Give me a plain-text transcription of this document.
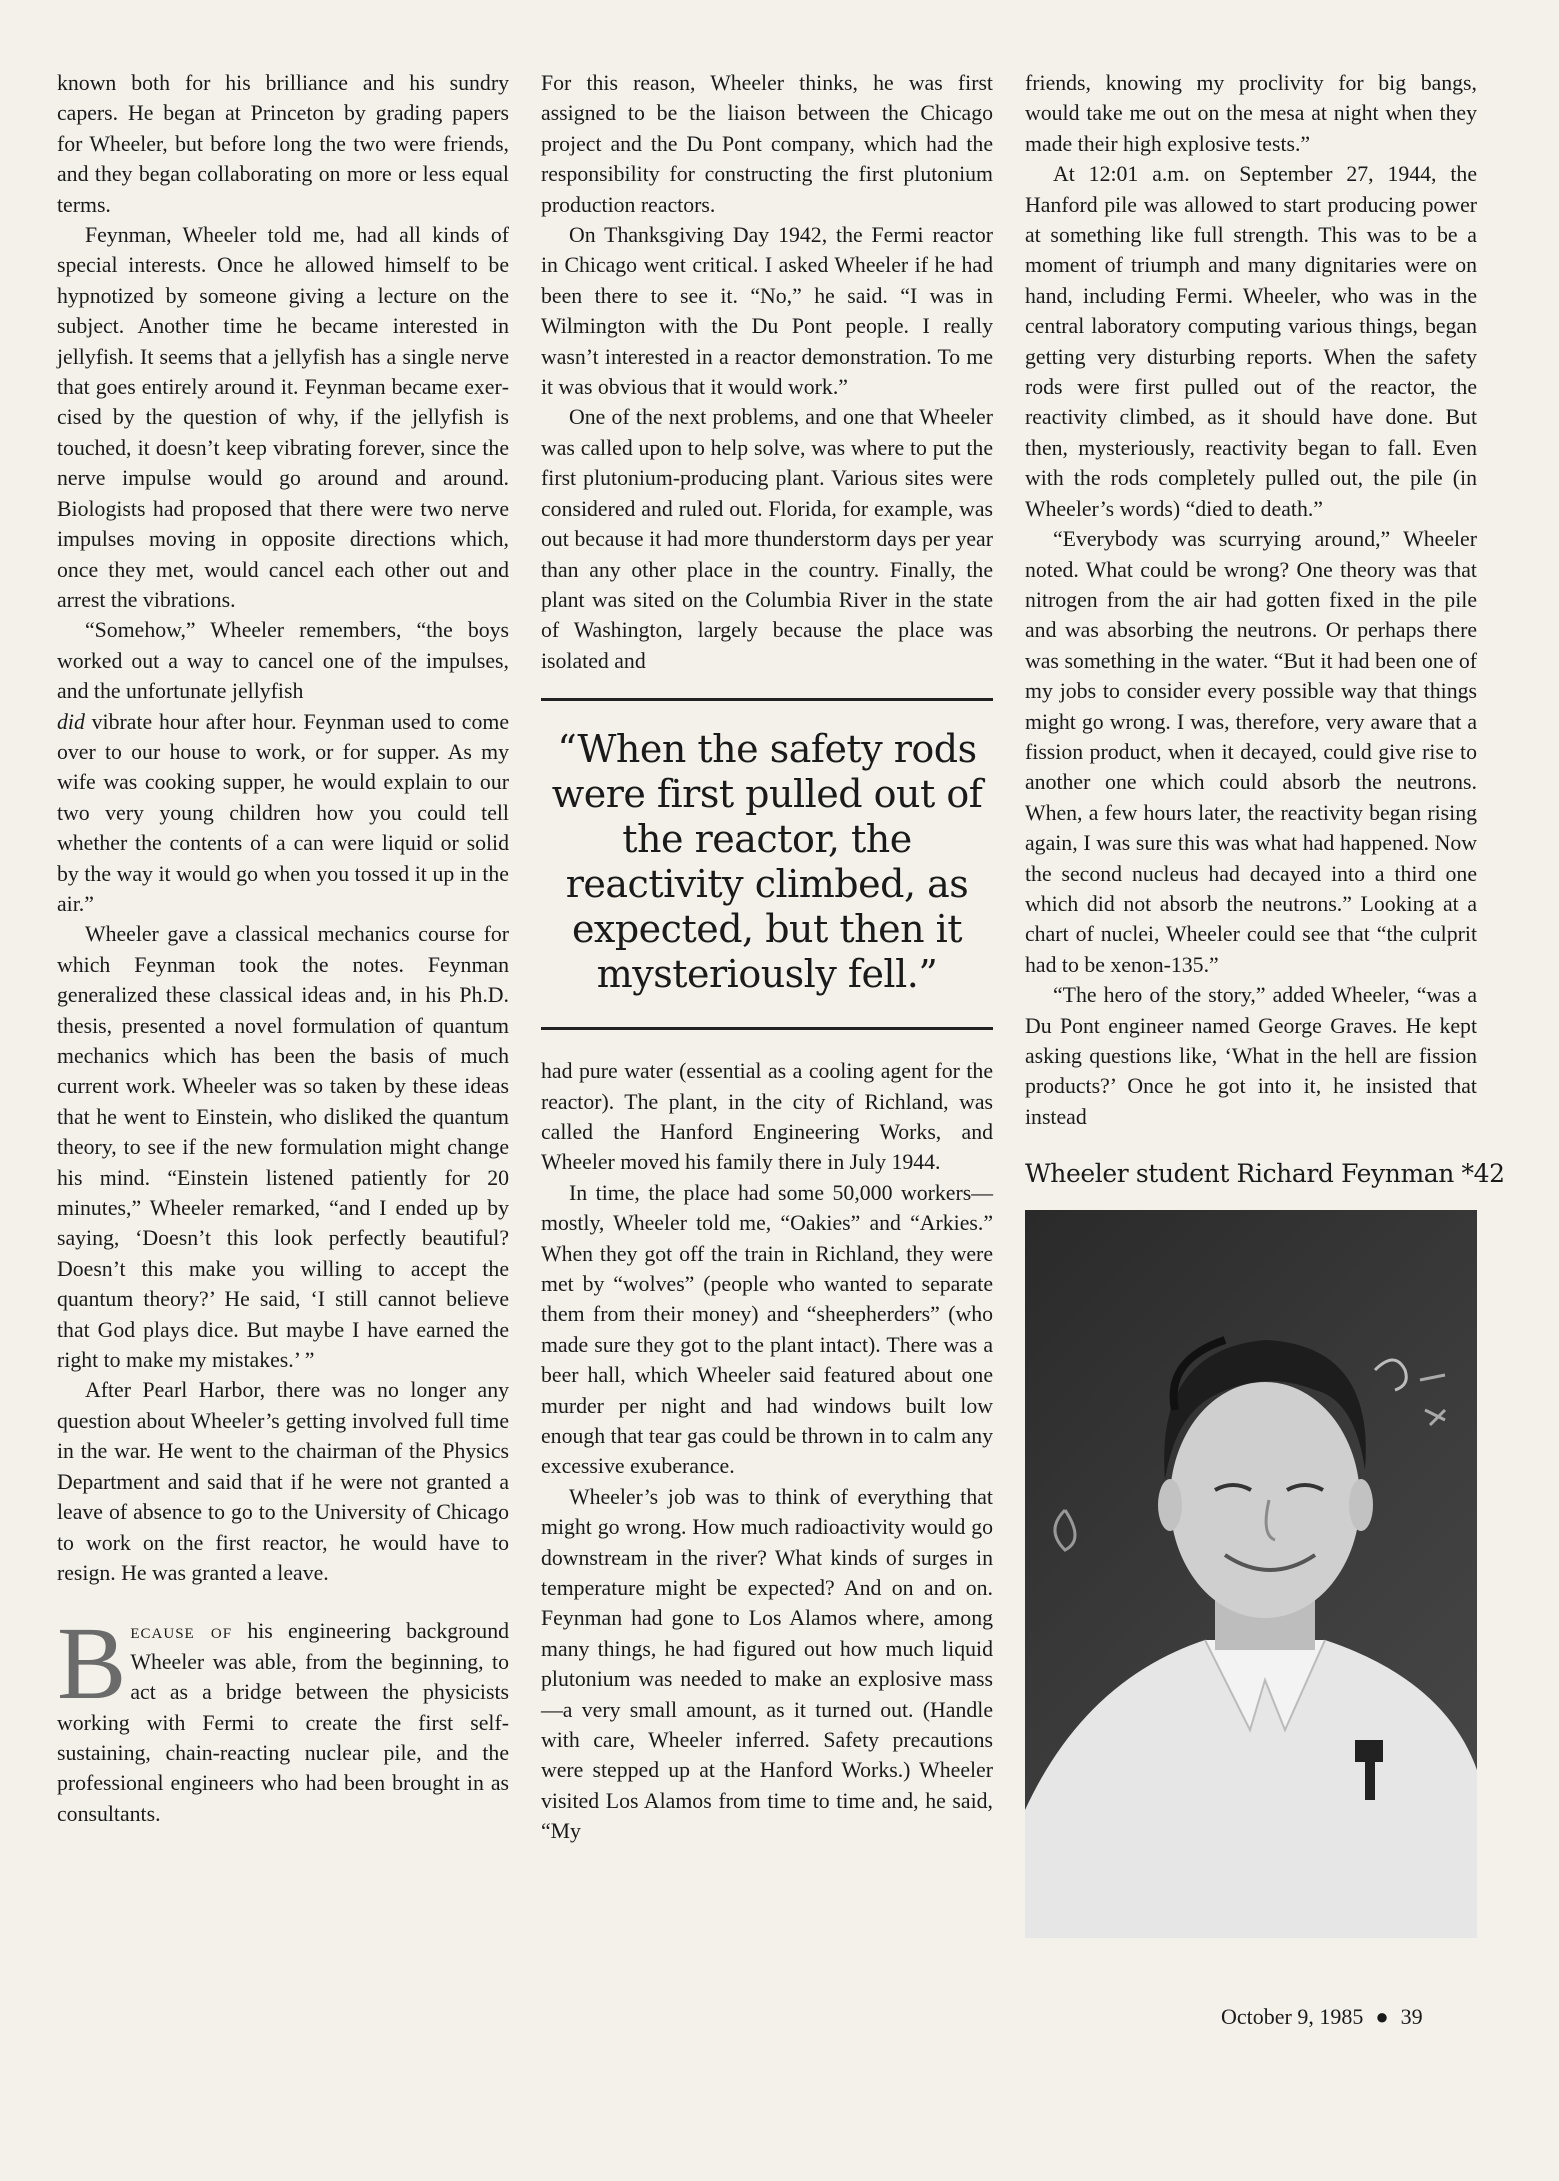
known both for his brilliance and his sundry capers. He began at Princeton by grading papers for Wheeler, but before long the two were friends, and they began collaborating on more or less equal terms.

Feynman, Wheeler told me, had all kinds of special interests. Once he allowed himself to be hypnotized by someone giving a lecture on the subject. Another time he became interested in jellyfish. It seems that a jellyfish has a single nerve that goes entirely around it. Feynman became exercised by the question of why, if the jellyfish is touched, it doesn’t keep vibrating forever, since the nerve impulse would go around and around. Biologists had proposed that there were two nerve impulses moving in opposite directions which, once they met, would cancel each other out and arrest the vibrations.

“Somehow,” Wheeler remembers, “the boys worked out a way to cancel one of the impulses, and the unfortunate jellyfish

did vibrate hour after hour. Feynman used to come over to our house to work, or for supper. As my wife was cooking supper, he would explain to our two very young children how you could tell whether the contents of a can were liquid or solid by the way it would go when you tossed it up in the air.”

Wheeler gave a classical mechanics course for which Feynman took the notes. Feynman generalized these classical ideas and, in his Ph.D. thesis, presented a novel formulation of quantum mechanics which has been the basis of much current work. Wheeler was so taken by these ideas that he went to Einstein, who disliked the quantum theory, to see if the new formulation might change his mind. “Einstein listened patiently for 20 minutes,” Wheeler remarked, “and I ended up by saying, ‘Doesn’t this look perfectly beautiful? Doesn’t this make you willing to accept the quantum theory?’ He said, ‘I still cannot believe that God plays dice. But maybe I have earned the right to make my mistakes.’ ”

After Pearl Harbor, there was no longer any question about Wheeler’s getting involved full time in the war. He went to the chairman of the Physics Department and said that if he were not granted a leave of absence to go to the University of Chicago to work on the first reactor, he would have to resign. He was granted a leave.

Because of his engineering background Wheeler was able, from the beginning, to act as a bridge between the physicists working with Fermi to create the first self-sustaining, chain-reacting nuclear pile, and the professional engineers who had been brought in as consultants.

For this reason, Wheeler thinks, he was first assigned to be the liaison between the Chicago project and the Du Pont company, which had the responsibility for constructing the first plutonium production reactors.

On Thanksgiving Day 1942, the Fermi reactor in Chicago went critical. I asked Wheeler if he had been there to see it. “No,” he said. “I was in Wilmington with the Du Pont people. I really wasn’t interested in a reactor demonstration. To me it was obvious that it would work.”

One of the next problems, and one that Wheeler was called upon to help solve, was where to put the first plutonium-producing plant. Various sites were considered and ruled out. Florida, for example, was out because it had more thunderstorm days per year than any other place in the country. Finally, the plant was sited on the Columbia River in the state of Washington, largely because the place was isolated and

“When the safety rods were first pulled out of the reactor, the reactivity climbed, as expected, but then it mysteriously fell.”

had pure water (essential as a cooling agent for the reactor). The plant, in the city of Richland, was called the Hanford Engineering Works, and Wheeler moved his family there in July 1944.

In time, the place had some 50,000 workers—mostly, Wheeler told me, “Oakies” and “Arkies.” When they got off the train in Richland, they were met by “wolves” (people who wanted to separate them from their money) and “sheepherders” (who made sure they got to the plant intact). There was a beer hall, which Wheeler said featured about one murder per night and had windows built low enough that tear gas could be thrown in to calm any excessive exuberance.

Wheeler’s job was to think of everything that might go wrong. How much radioactivity would go downstream in the river? What kinds of surges in temperature might be expected? And on and on. Feynman had gone to Los Alamos where, among many things, he had figured out how much liquid plutonium was needed to make an explosive mass—a very small amount, as it turned out. (Handle with care, Wheeler inferred. Safety precautions were stepped up at the Hanford Works.) Wheeler visited Los Alamos from time to time and, he said, “My

friends, knowing my proclivity for big bangs, would take me out on the mesa at night when they made their high explosive tests.”

At 12:01 a.m. on September 27, 1944, the Hanford pile was allowed to start producing power at something like full strength. This was to be a moment of triumph and many dignitaries were on hand, including Fermi. Wheeler, who was in the central laboratory computing various things, began getting very disturbing reports. When the safety rods were first pulled out of the reactor, the reactivity climbed, as it should have done. But then, mysteriously, reactivity began to fall. Even with the rods completely pulled out, the pile (in Wheeler’s words) “died to death.”

“Everybody was scurrying around,” Wheeler noted. What could be wrong? One theory was that nitrogen from the air had gotten fixed in the pile and was absorbing the neutrons. Or perhaps there was something in the water. “But it had been one of my jobs to consider every possible way that things might go wrong. I was, therefore, very aware that a fission product, when it decayed, could give rise to another one which could absorb the neutrons. When, a few hours later, the reactivity began rising again, I was sure this was what had happened. Now the second nucleus had decayed into a third one which did not absorb the neutrons.” Looking at a chart of nuclei, Wheeler could see that “the culprit had to be xenon-135.”

“The hero of the story,” added Wheeler, “was a Du Pont engineer named George Graves. He kept asking questions like, ‘What in the hell are fission products?’ Once he got into it, he insisted that instead

Wheeler student Richard Feynman *42
October 9, 1985 ● 39
